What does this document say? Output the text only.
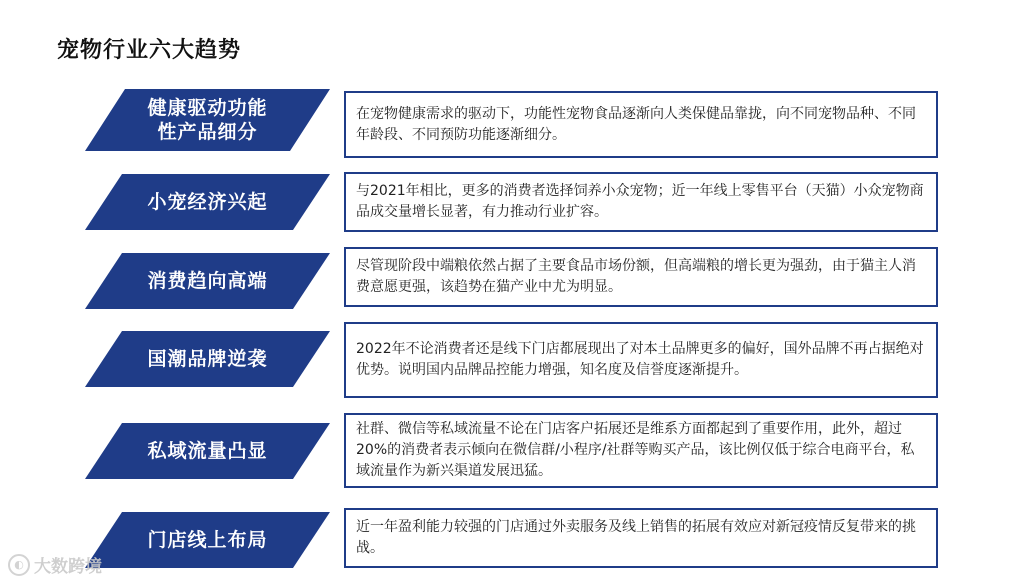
宠物行业六大趋势
健康驱动功能
性产品细分
在宠物健康需求的驱动下，功能性宠物食品逐渐向人类保健品靠拢，向不同宠物品种、不同年龄段、不同预防功能逐渐细分。
小宠经济兴起	与2021年相比，更多的消费者选择饲养小众宠物；近一年线上零售平台（天猫）小众宠物商品成交量增长显著，有力推动行业扩容。
消费趋向高端
尽管现阶段中端粮依然占据了主要食品市场份额，但高端粮的增长更为强劲，由于猫主人消费意愿更强，该趋势在猫产业中尤为明显。
国潮品牌逆袭	2022年不论消费者还是线下门店都展现出了对本土品牌更多的偏好，国外品牌不再占据绝对优势。说明国内品牌品控能力增强，知名度及信誉度逐渐提升。
私域流量凸显
社群、微信等私域流量不论在门店客户拓展还是维系方面都起到了重要作用，此外，超过20%的消费者表示倾向在微信群/小程序/社群等购买产品，该比例仅低于综合电商平台，私域流量作为新兴渠道发展迅猛。
门店线上布局
近一年盈利能力较强的门店通过外卖服务及线上销售的拓展有效应对新冠疫情反复带来的挑战。
◐ 大数跨境
